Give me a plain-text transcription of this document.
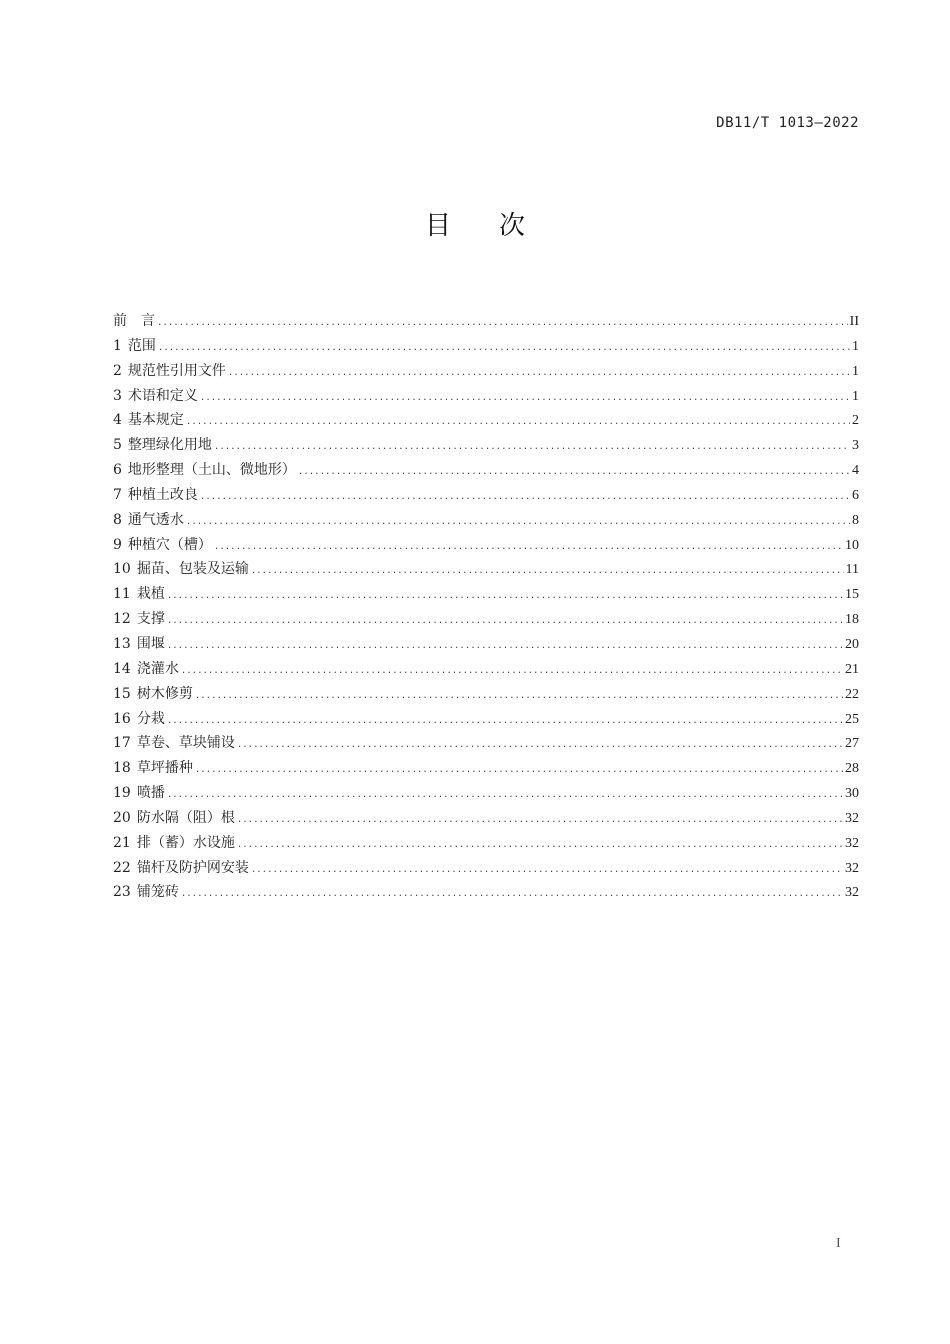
DB11/T 1013—2022
目次
前　言 .....	II
1 范围 .....	1
2 规范性引用文件 .....	1
3 术语和定义 .....	1
4 基本规定 .....	2
5 整理绿化用地 .....	3
6 地形整理（土山、微地形） .....	4
7 种植土改良 .....	6
8 通气透水 .....	8
9 种植穴（槽） .....	10
10 掘苗、包装及运输 .....	11
11 栽植 .....	15
12 支撑 .....	18
13 围堰 .....	20
14 浇灌水 .....	21
15 树木修剪 .....	22
16 分栽 .....	25
17 草卷、草块铺设 .....	27
18 草坪播种 .....	28
19 喷播 .....	30
20 防水隔（阻）根 .....	32
21 排（蓄）水设施 .....	32
22 锚杆及防护网安装 .....	32
23 铺笼砖 .....	32
I
